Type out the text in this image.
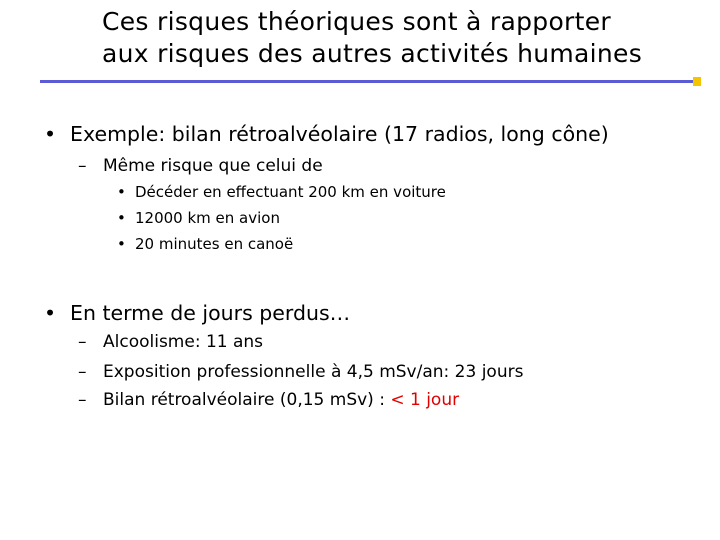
Ces risques théoriques sont à rapporter
aux risques des autres activités humaines
• Exemple: bilan rétroalvéolaire (17 radios, long cône)
– Même risque que celui de
• Décéder en effectuant 200 km en voiture
• 12000 km en avion
• 20 minutes en canoë
• En terme de jours perdus…
– Alcoolisme: 11 ans
– Exposition professionnelle à 4,5 mSv/an: 23 jours
– Bilan rétroalvéolaire (0,15 mSv) : < 1 jour
